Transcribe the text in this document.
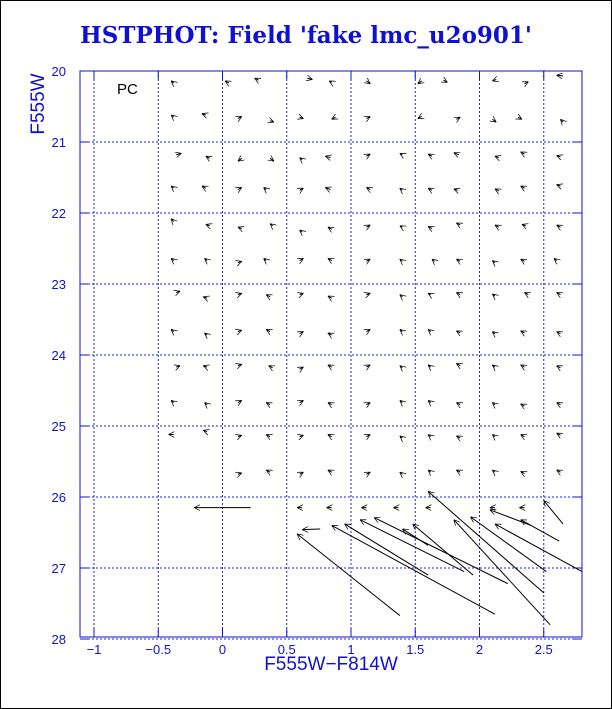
HSTPHOT: Field 'fake lmc_u2o901'
−1	−0.5	0	0.5	1	1.5	2	2.5
20
21
22
23
24
25
26
27
28
PC
F555W−F814W
F555W
